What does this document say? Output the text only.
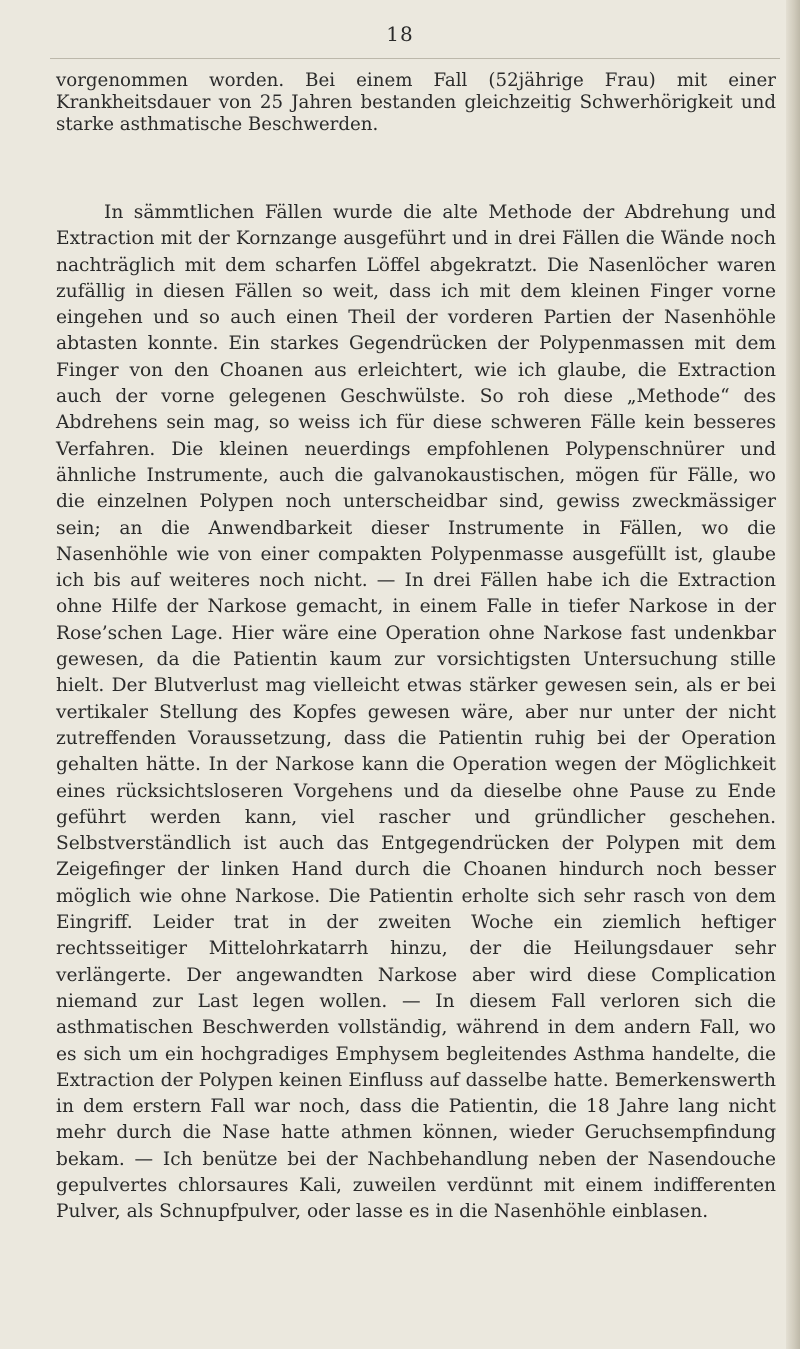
18

vorgenommen worden. Bei einem Fall (52jährige Frau) mit einer Krankheitsdauer von 25 Jahren bestanden gleichzeitig Schwerhörigkeit und starke asthmatische Beschwerden.

In sämmtlichen Fällen wurde die alte Methode der Abdrehung und Extraction mit der Kornzange ausgeführt und in drei Fällen die Wände noch nachträglich mit dem scharfen Löffel abgekratzt. Die Nasenlöcher waren zufällig in diesen Fällen so weit, dass ich mit dem kleinen Finger vorne eingehen und so auch einen Theil der vorderen Partien der Nasenhöhle abtasten konnte. Ein starkes Gegendrücken der Polypenmassen mit dem Finger von den Choanen aus erleichtert, wie ich glaube, die Extraction auch der vorne gelegenen Geschwülste. So roh diese „Methode“ des Abdrehens sein mag, so weiss ich für diese schweren Fälle kein besseres Verfahren. Die kleinen neuerdings empfohlenen Polypenschnürer und ähnliche Instrumente, auch die galvanokaustischen, mögen für Fälle, wo die einzelnen Polypen noch unterscheidbar sind, gewiss zweckmässiger sein; an die Anwendbarkeit dieser Instrumente in Fällen, wo die Nasenhöhle wie von einer compakten Polypenmasse ausgefüllt ist, glaube ich bis auf weiteres noch nicht. — In drei Fällen habe ich die Extraction ohne Hilfe der Narkose gemacht, in einem Falle in tiefer Narkose in der Rose’schen Lage. Hier wäre eine Operation ohne Narkose fast undenkbar gewesen, da die Patientin kaum zur vorsichtigsten Untersuchung stille hielt. Der Blutverlust mag vielleicht etwas stärker gewesen sein, als er bei vertikaler Stellung des Kopfes gewesen wäre, aber nur unter der nicht zutreffenden Voraussetzung, dass die Patientin ruhig bei der Operation gehalten hätte. In der Narkose kann die Operation wegen der Möglichkeit eines rücksichtsloseren Vorgehens und da dieselbe ohne Pause zu Ende geführt werden kann, viel rascher und gründlicher geschehen. Selbstverständlich ist auch das Entgegendrücken der Polypen mit dem Zeigefinger der linken Hand durch die Choanen hindurch noch besser möglich wie ohne Narkose. Die Patientin erholte sich sehr rasch von dem Eingriff. Leider trat in der zweiten Woche ein ziemlich heftiger rechtsseitiger Mittelohrkatarrh hinzu, der die Heilungsdauer sehr verlängerte. Der angewandten Narkose aber wird diese Complication niemand zur Last legen wollen. — In diesem Fall verloren sich die asthmatischen Beschwerden vollständig, während in dem andern Fall, wo es sich um ein hochgradiges Emphysem begleitendes Asthma handelte, die Extraction der Polypen keinen Einfluss auf dasselbe hatte. Bemerkenswerth in dem erstern Fall war noch, dass die Patientin, die 18 Jahre lang nicht mehr durch die Nase hatte athmen können, wieder Geruchsempfindung bekam. — Ich benütze bei der Nachbehandlung neben der Nasendouche gepulvertes chlorsaures Kali, zuweilen verdünnt mit einem indifferenten Pulver, als Schnupfpulver, oder lasse es in die Nasenhöhle einblasen.
